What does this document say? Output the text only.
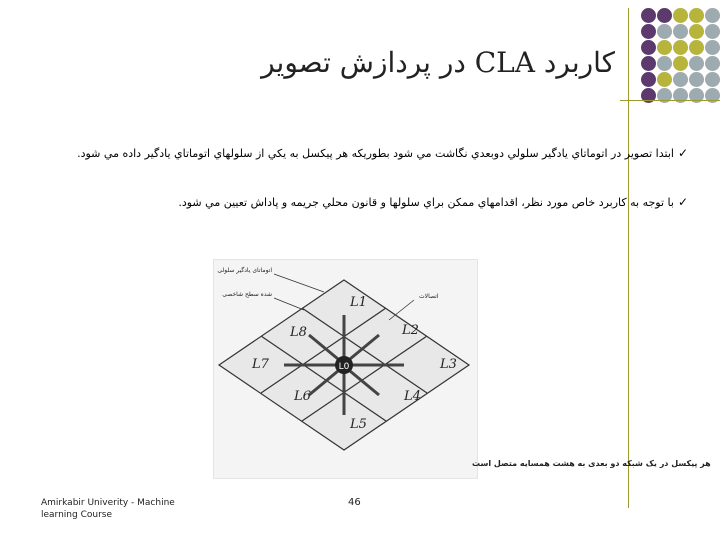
کاربرد CLA در پردازش تصویر
✓ابتدا تصویر در اتوماتاي يادگير سلولي دوبعدي نگاشت مي شود بطوريکه هر پيکسل به يکي از سلولهاي اتوماتاي يادگير داده مي شود.
✓با توجه به کاربرد خاص مورد نظر، اقدامهاي ممکن براي سلولها و قانون محلي جريمه و پاداش تعيين مي شود.
L0
L1
L2
L3
L4
L5
L6
L7
L8
اتوماتای یادگیر سلولی
شده سطح شاخصی	اتصالات
هر پیکسل در یک شبکه دو بعدی به هشت همسایه متصل است
Amirkabir Univerity - Machine learning Course
46
